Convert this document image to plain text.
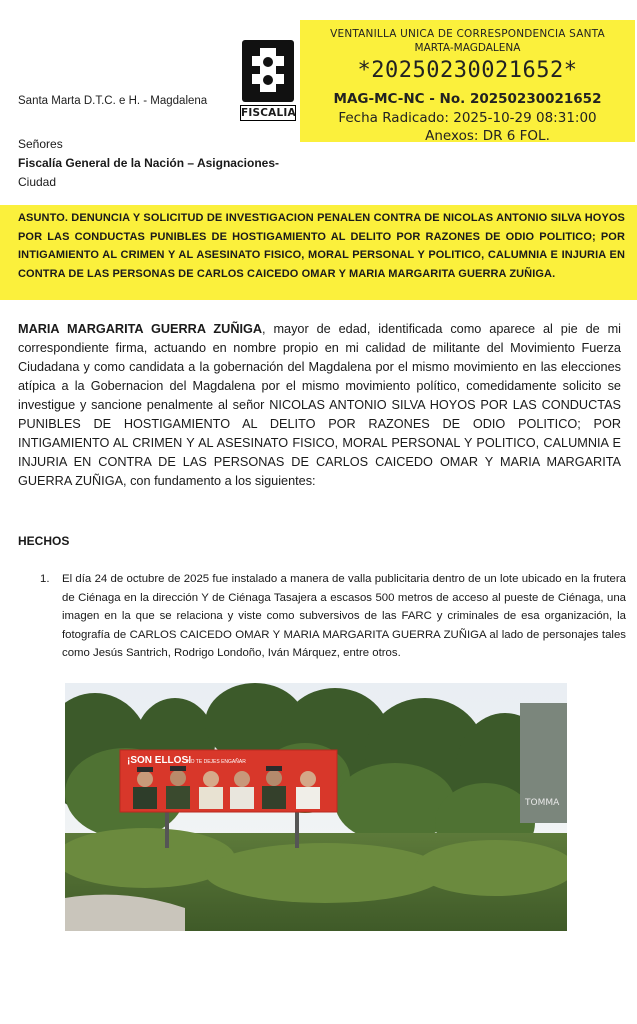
Santa Marta D.T.C. e H. - Magdalena
FISCALIA
VENTANILLA UNICA DE CORRESPONDENCIA SANTA
MARTA-MAGDALENA
*20250230021652*
MAG-MC-NC - No. 20250230021652
Fecha Radicado: 2025-10-29 08:31:00
Anexos: DR 6 FOL.
Señores
Fiscalía General de la Nación – Asignaciones-
Ciudad
ASUNTO. DENUNCIA Y SOLICITUD DE INVESTIGACION PENALEN CONTRA DE NICOLAS ANTONIO SILVA HOYOS POR LAS CONDUCTAS PUNIBLES DE HOSTIGAMIENTO AL DELITO POR RAZONES DE ODIO POLITICO; POR INTIGAMIENTO AL CRIMEN Y AL ASESINATO FISICO, MORAL PERSONAL Y POLITICO, CALUMNIA E INJURIA EN CONTRA DE LAS PERSONAS DE CARLOS CAICEDO OMAR Y MARIA MARGARITA GUERRA ZUÑIGA.
MARIA MARGARITA GUERRA ZUÑIGA, mayor de edad, identificada como aparece al pie de mi correspondiente firma, actuando en nombre propio en mi calidad de militante del Movimiento Fuerza Ciudadana y como candidata a la gobernación del Magdalena por el mismo movimiento en las elecciones atípica a la Gobernacion del Magdalena por el mismo movimiento político, comedidamente solicito se investigue y sancione penalmente al señor NICOLAS ANTONIO SILVA HOYOS POR LAS CONDUCTAS PUNIBLES DE HOSTIGAMIENTO AL DELITO POR RAZONES DE ODIO POLITICO; POR INTIGAMIENTO AL CRIMEN Y AL ASESINATO FISICO, MORAL PERSONAL Y POLITICO, CALUMNIA E INJURIA EN CONTRA DE LAS PERSONAS DE CARLOS CAICEDO OMAR Y MARIA MARGARITA GUERRA ZUÑIGA, con fundamento a los siguientes:
HECHOS
1.	El día 24 de octubre de 2025 fue instalado a manera de valla publicitaria dentro de un lote ubicado en la frutera de Ciénaga en la dirección Y de Ciénaga Tasajera a escasos 500 metros de acceso al pueste de Ciénaga, una imagen en la que se relaciona y viste como subversivos de las FARC y criminales de esa organización, la fotografía de CARLOS CAICEDO OMAR Y MARIA MARGARITA GUERRA ZUÑIGA al lado de personajes tales como Jesús Santrich, Rodrigo Londoño, Iván Márquez, entre otros.
TOMMA
¡SON ELLOS!
NO TE DEJES ENGAÑAR
